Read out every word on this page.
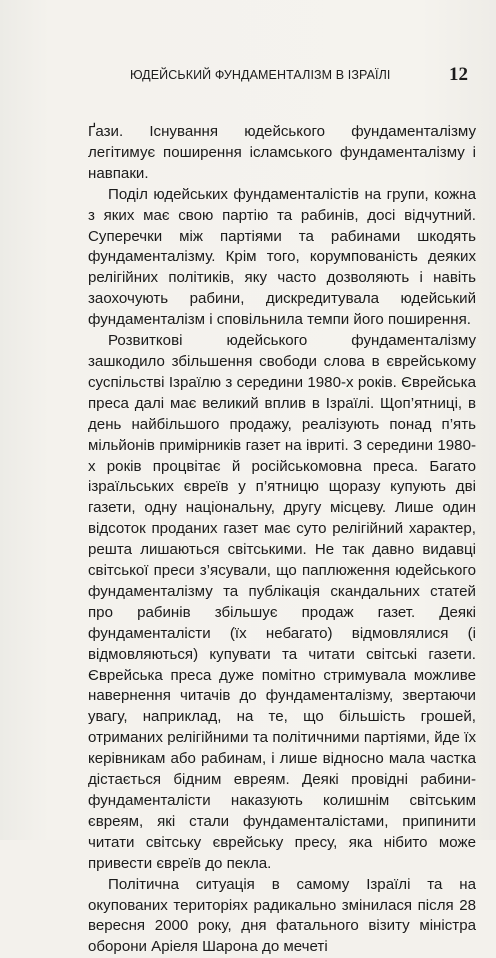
ЮДЕЙСЬКИЙ ФУНДАМЕНТАЛІЗМ В ІЗРАЇЛІ	12

Ґази. Існування юдейського фундаменталізму легітимує поширення ісламського фундаменталізму і навпаки.

Поділ юдейських фундаменталістів на групи, кожна з яких має свою партію та рабинів, досі відчутний. Суперечки між партіями та рабинами шкодять фундаменталізму. Крім того, корумпованість деяких релігійних політиків, яку часто дозволяють і навіть заохочують рабини, дискредитувала юдейський фундаменталізм і сповільнила темпи його поширення.

Розвиткові юдейського фундаменталізму зашкодило збільшення свободи слова в єврейському суспільстві Ізраїлю з середини 1980-х років. Єврейська преса далі має великий вплив в Ізраїлі. Щоп’ятниці, в день найбільшого продажу, реалізують понад п’ять мільйонів примірників газет на івриті. З середини 1980-х років процвітає й російськомовна преса. Багато ізраїльських євреїв у п’ятницю щоразу купують дві газети, одну національну, другу місцеву. Лише один відсоток проданих газет має суто релігійний характер, решта лишаються світськими. Не так давно видавці світської преси з’ясували, що паплюження юдейського фундаменталізму та публікація скандальних статей про рабинів збільшує продаж газет. Деякі фундаменталісти (їх небагато) відмовлялися (і відмовляються) купувати та читати світські газети. Єврейська преса дуже помітно стримувала можливе навернення читачів до фундаменталізму, звертаючи увагу, наприклад, на те, що більшість грошей, отриманих релігійними та політичними партіями, йде їх керівникам або рабинам, і лише відносно мала частка дістається бідним евреям. Деякі провідні рабини-фундаменталісти наказують колишнім світським євреям, які стали фундаменталістами, припинити читати світську єврейську пресу, яка нібито може привести євреїв до пекла.

Політична ситуація в самому Ізраїлі та на окупованих територіях радикально змінилася після 28 вересня 2000 року, дня фатального візиту міністра оборони Аріеля Шарона до мечеті
